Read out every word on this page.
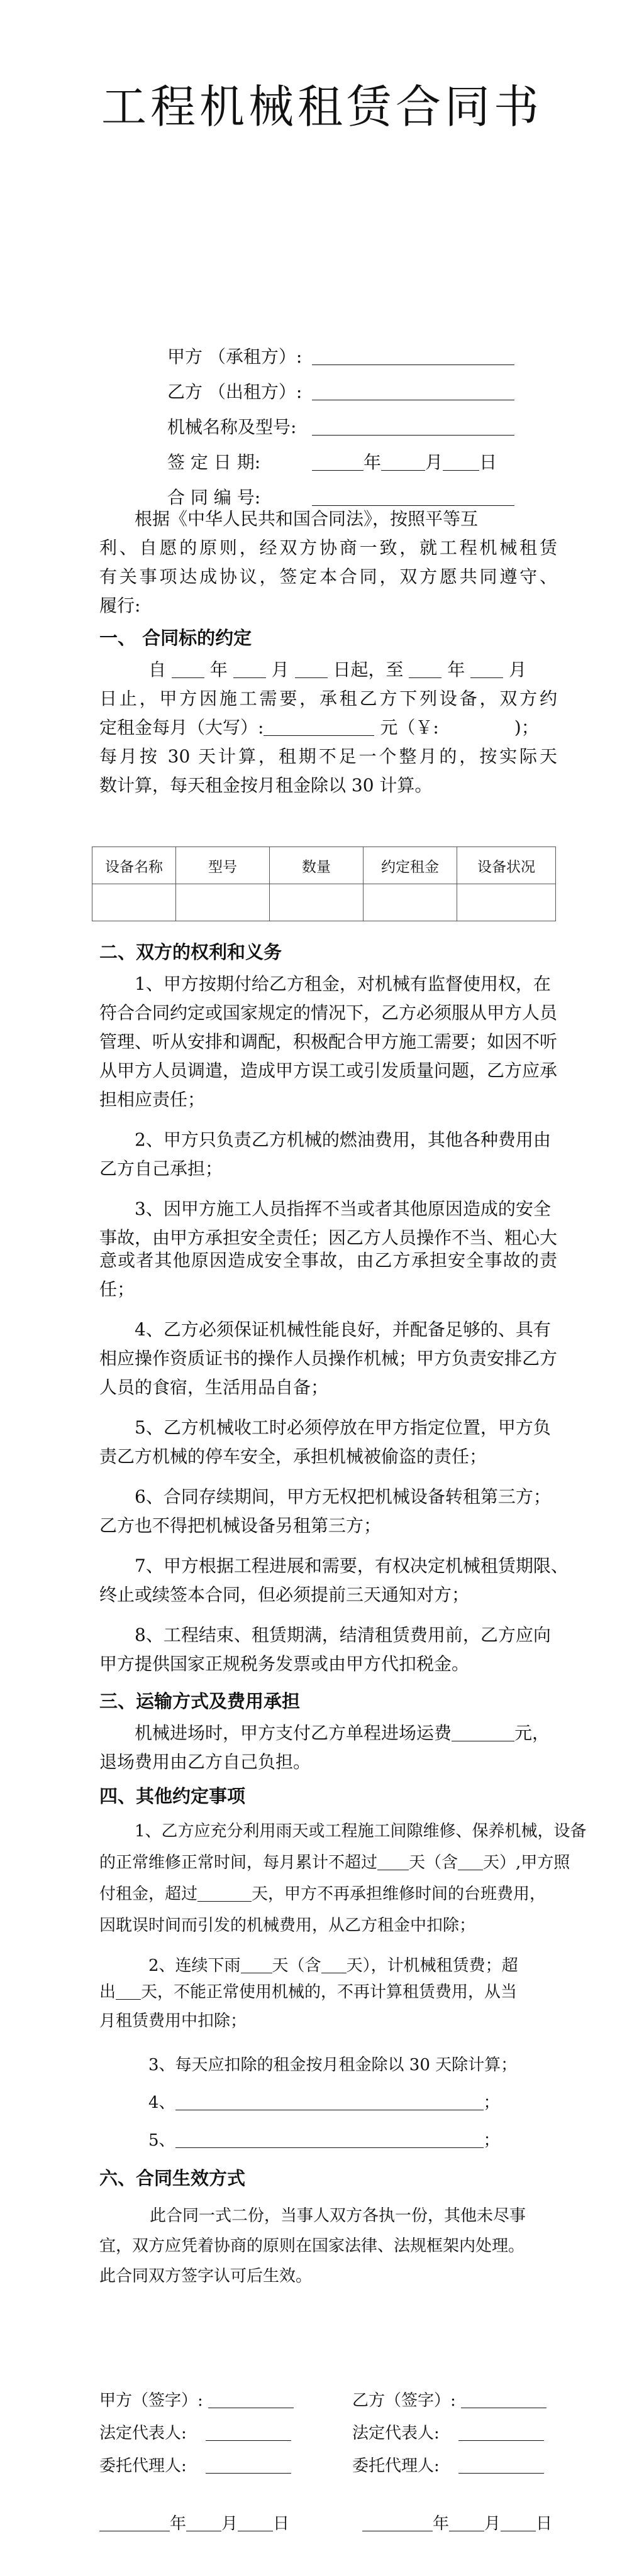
工程机械租赁合同书
甲方 （承租方）:
乙方 （出租方）:
机械名称及型号:
签 定 日 期:	年	月 日
合 同 编 号:
根据《中华人民共和国合同法》，按照平等互
利、自愿的原则，经双方协商一致，就工程机械租赁
有关事项达成协议，签定本合同，双方愿共同遵守、
履行:
一、 合同标的约定
自 年 月 日起，至 年 月
日止，甲方因施工需要，承租乙方下列设备，双方约
定租金每月（大写）:	元（￥:	)；
每月按 30 天计算，租期不足一个整月的，按实际天
数计算，每天租金按月租金除以 30 计算。
设备名称	型号	数量	约定租金	设备状况

二、双方的权利和义务
1、甲方按期付给乙方租金，对机械有监督使用权，在
符合合同约定或国家规定的情况下，乙方必须服从甲方人员
管理、听从安排和调配，积极配合甲方施工需要；如因不听
从甲方人员调遣，造成甲方误工或引发质量问题，乙方应承
担相应责任；
2、甲方只负责乙方机械的燃油费用，其他各种费用由
乙方自己承担；
3、因甲方施工人员指挥不当或者其他原因造成的安全
事故，由甲方承担安全责任；因乙方人员操作不当、粗心大
意或者其他原因造成安全事故，由乙方承担安全事故的责
任；
4、乙方必须保证机械性能良好，并配备足够的、具有
相应操作资质证书的操作人员操作机械；甲方负责安排乙方
人员的食宿，生活用品自备；
5、乙方机械收工时必须停放在甲方指定位置，甲方负
责乙方机械的停车安全，承担机械被偷盗的责任；
6、合同存续期间，甲方无权把机械设备转租第三方；
乙方也不得把机械设备另租第三方；
7、甲方根据工程进展和需要，有权决定机械租赁期限、
终止或续签本合同，但必须提前三天通知对方；
8、工程结束、租赁期满，结清租赁费用前，乙方应向
甲方提供国家正规税务发票或由甲方代扣税金。
三、运输方式及费用承担
机械进场时，甲方支付乙方单程进场运费	元，
退场费用由乙方自己负担。
四、其他约定事项
1、乙方应充分利用雨天或工程施工间隙维修、保养机械，设备
的正常维修正常时间，每月累计不超过 天（含 天）,甲方照
付租金，超过	天，甲方不再承担维修时间的台班费用，
因耽误时间而引发的机械费用，从乙方租金中扣除；
2、连续下雨 天（含 天），计机械租赁费；超
出 天，不能正常使用机械的，不再计算租赁费用，从当
月租赁费用中扣除；
3、每天应扣除的租金按月租金除以 30 天除计算；
4、	；
5、	；
六、合同生效方式
此合同一式二份，当事人双方各执一份，其他未尽事
宜，双方应凭着协商的原则在国家法律、法规框架内处理。
此合同双方签字认可后生效。
甲方（签字）:	乙方（签字）:
法定代表人:	法定代表人:
委托代理人:	委托代理人:
年 月 日	年 月 日
